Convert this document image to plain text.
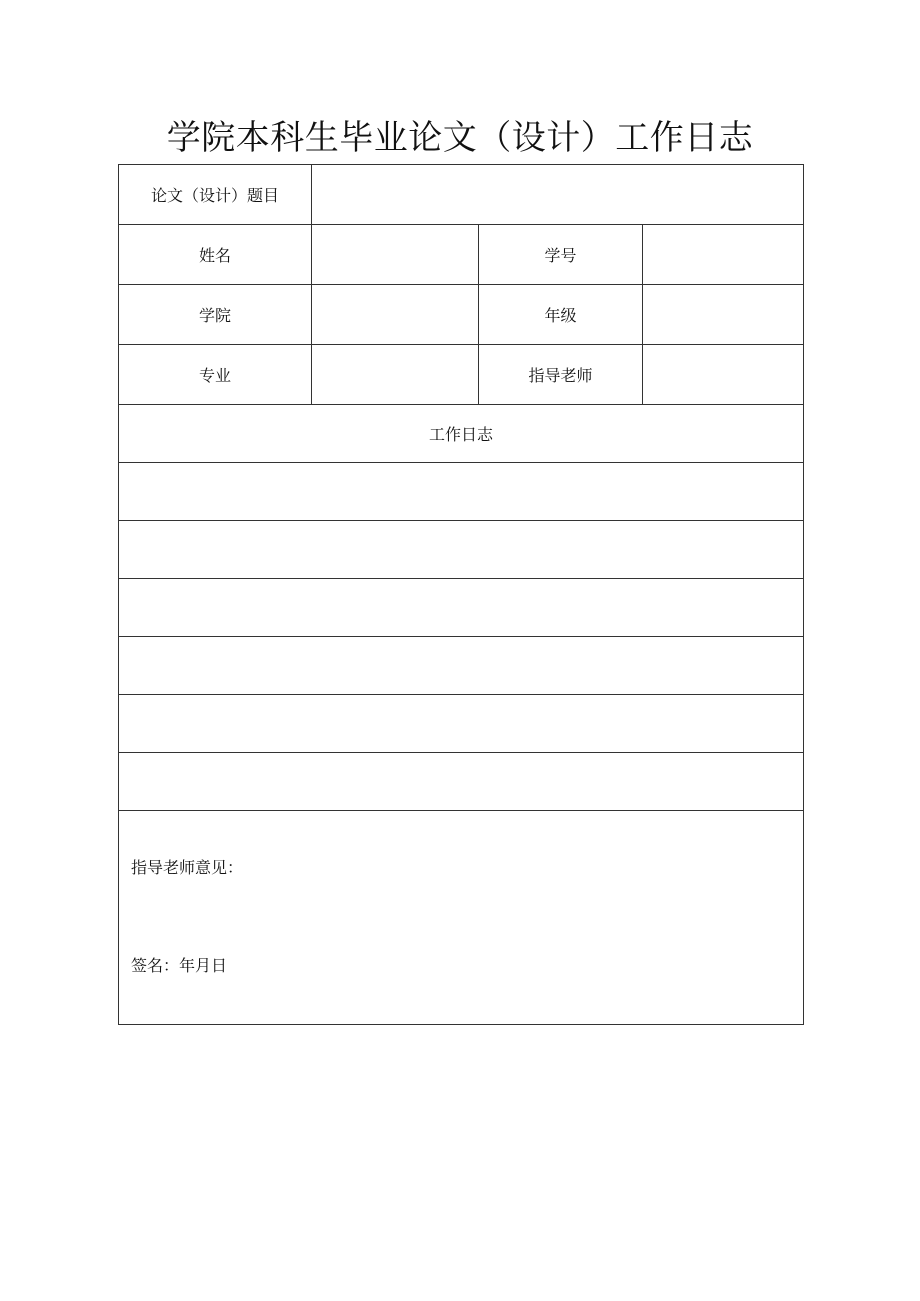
学院本科生毕业论文（设计）工作日志
论文（设计）题目			
姓名		学号	
学院		年级	
专业		指导老师	
工作日志			

指导老师意见：
签名：年月日			
